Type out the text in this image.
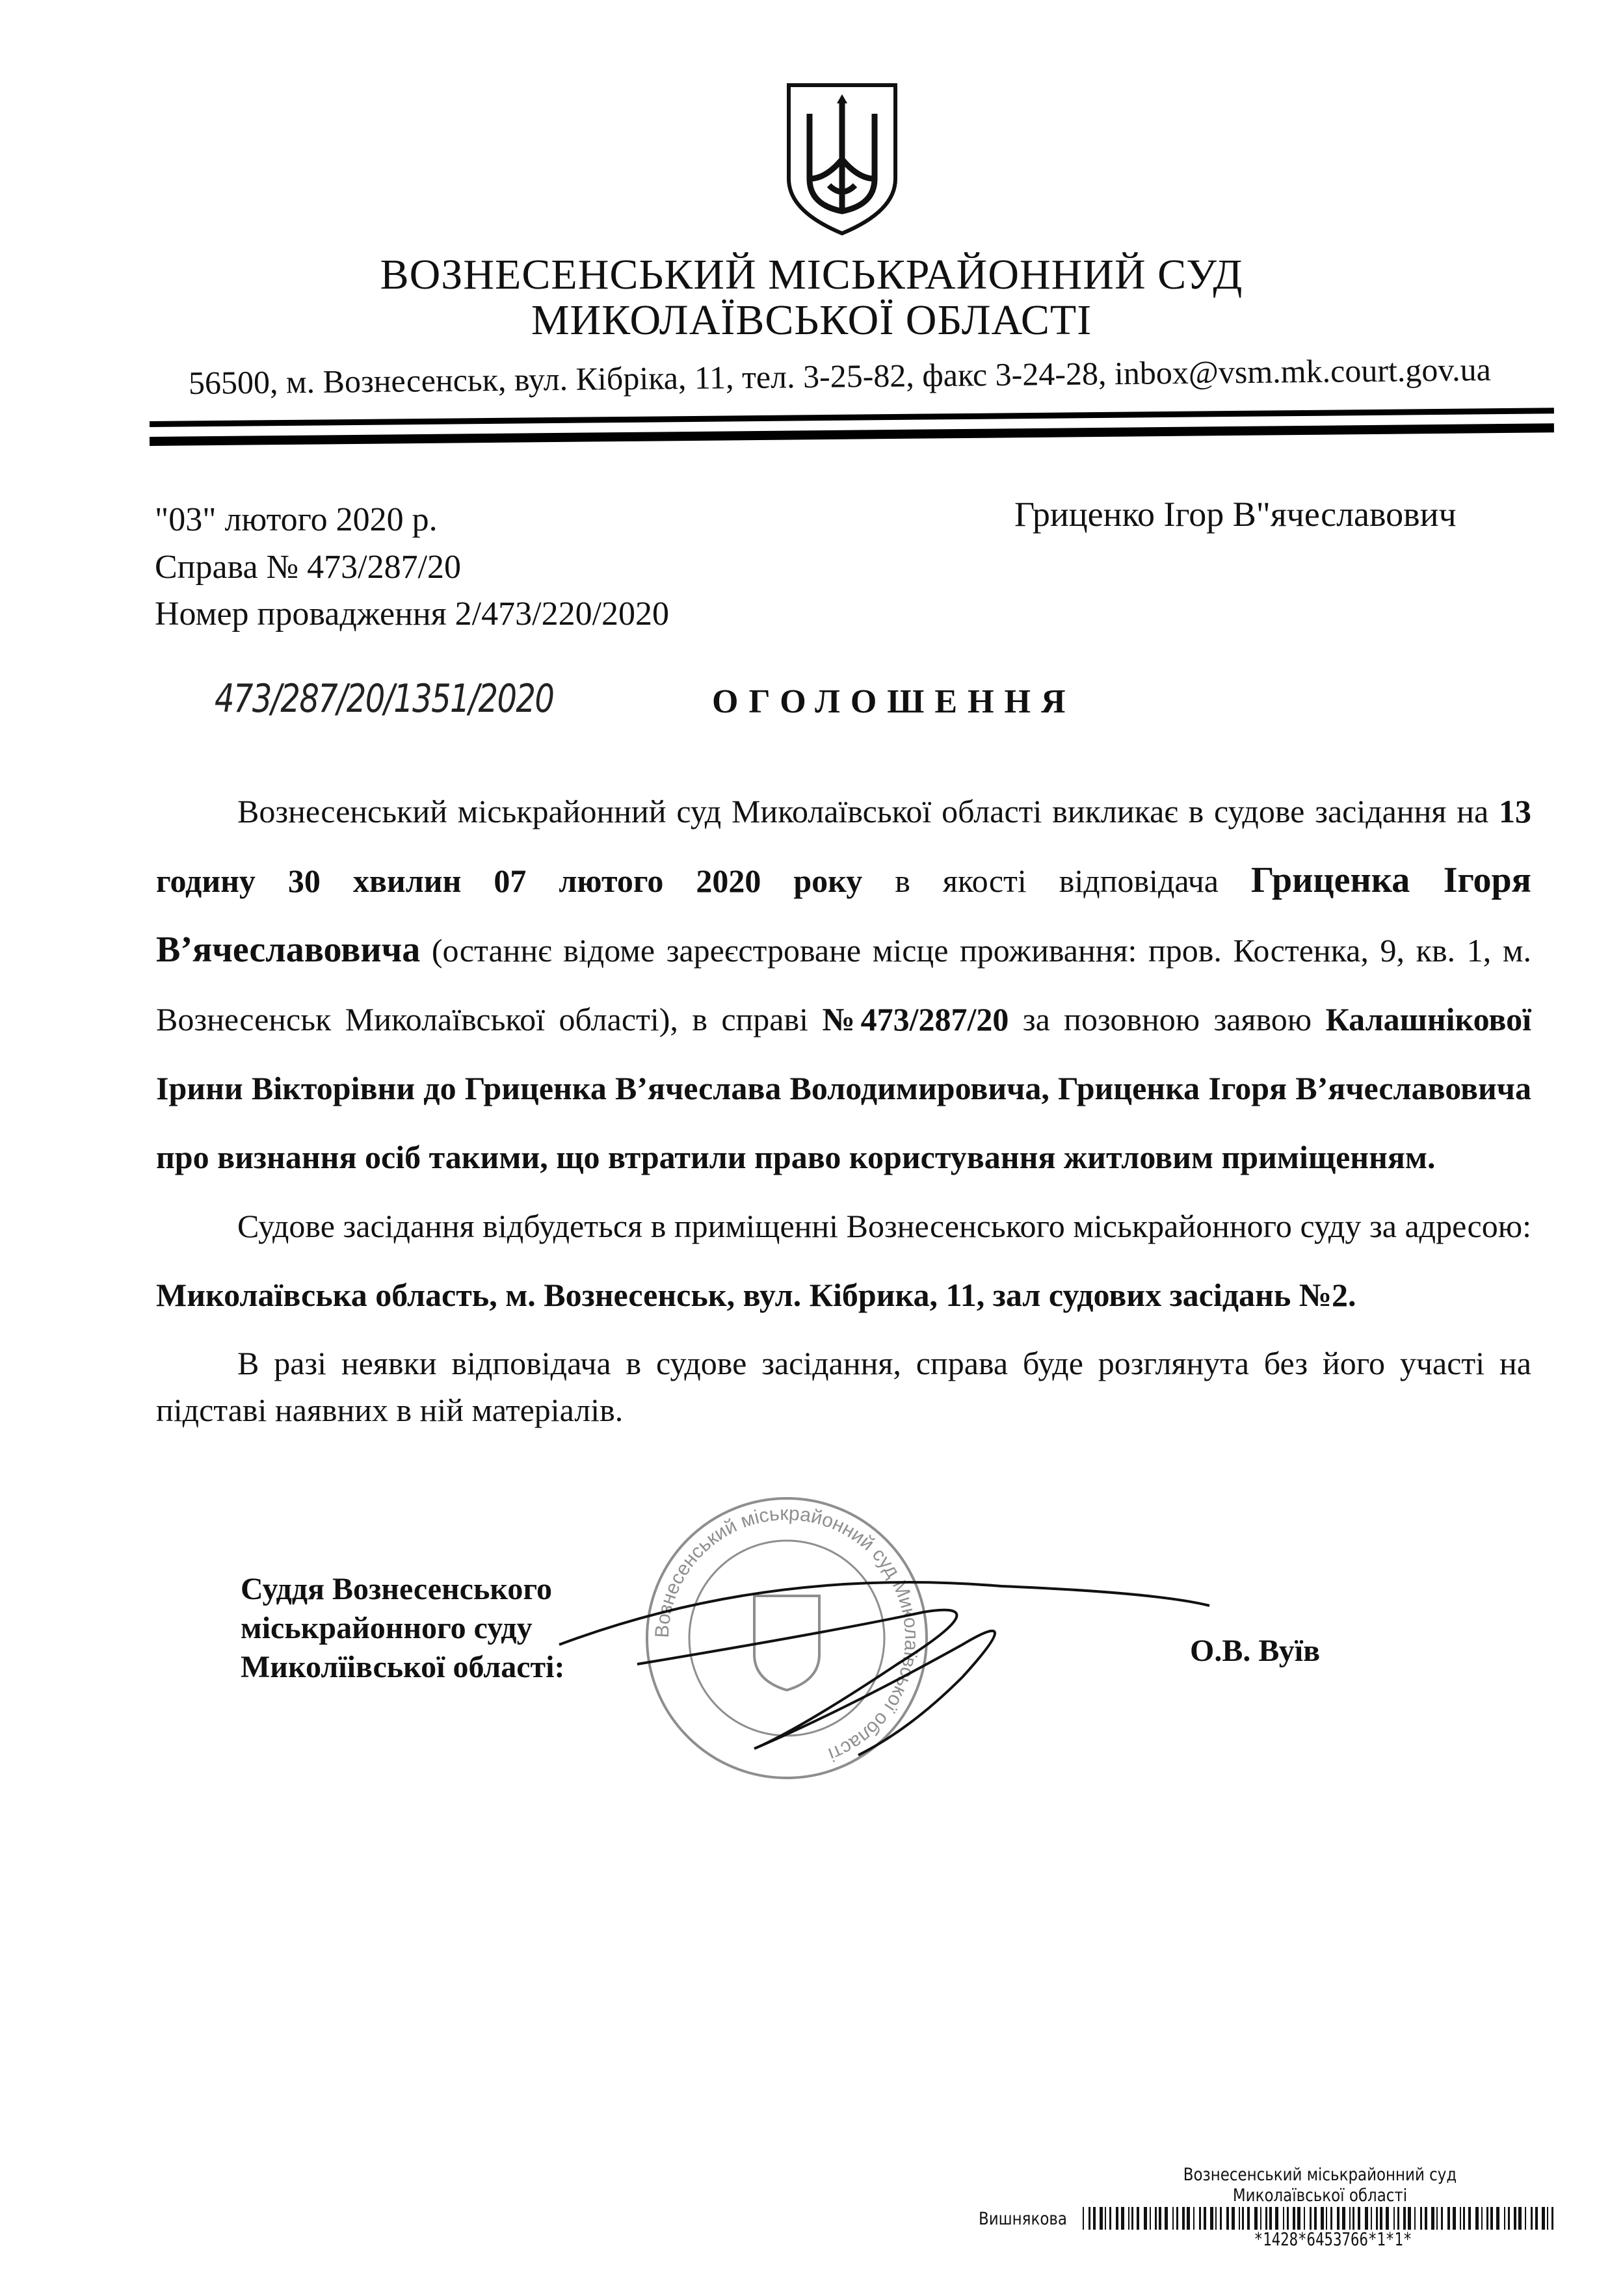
ВОЗНЕСЕНСЬКИЙ МІСЬКРАЙОННИЙ СУД
МИКОЛАЇВСЬКОЇ ОБЛАСТІ
56500, м. Вознесенськ, вул. Кібріка, 11, тел. 3-25-82, факс 3-24-28, inbox@vsm.mk.court.gov.ua
"03" лютого 2020 р.
Справа № 473/287/20
Номер провадження 2/473/220/2020
Гриценко Ігор В"ячеславович
473/287/20/1351/2020	ОГОЛОШЕННЯ

Вознесенський міськрайонний суд Миколаївської області викликає в судове засідання на 13 годину 30 хвилин 07 лютого 2020 року в якості відповідача Гриценка Ігоря В’ячеславовича (останнє відоме зареєстроване місце проживання: пров. Костенка, 9, кв. 1, м. Вознесенськ Миколаївської області), в справі №473/287/20 за позовною заявою Калашнікової Ірини Вікторівни до Гриценка В’ячеслава Володимировича, Гриценка Ігоря В’ячеславовича про визнання осіб такими, що втратили право користування житловим приміщенням.

Судове засідання відбудеться в приміщенні Вознесенського міськрайонного суду за адресою: Миколаївська область, м. Вознесенськ, вул. Кібрика, 11, зал судових засідань №2.

В разі неявки відповідача в судове засідання, справа буде розглянута без його участі на підставі наявних в ній матеріалів.

Вознесенський міськрайонний суд Миколаївської області
Суддя Вознесенського
міськрайонного суду
Миколїівської області:	О.В. Вуїв
Вознесенський міськрайонний суд
Миколаївської області
Вишнякова
*1428*6453766*1*1*
